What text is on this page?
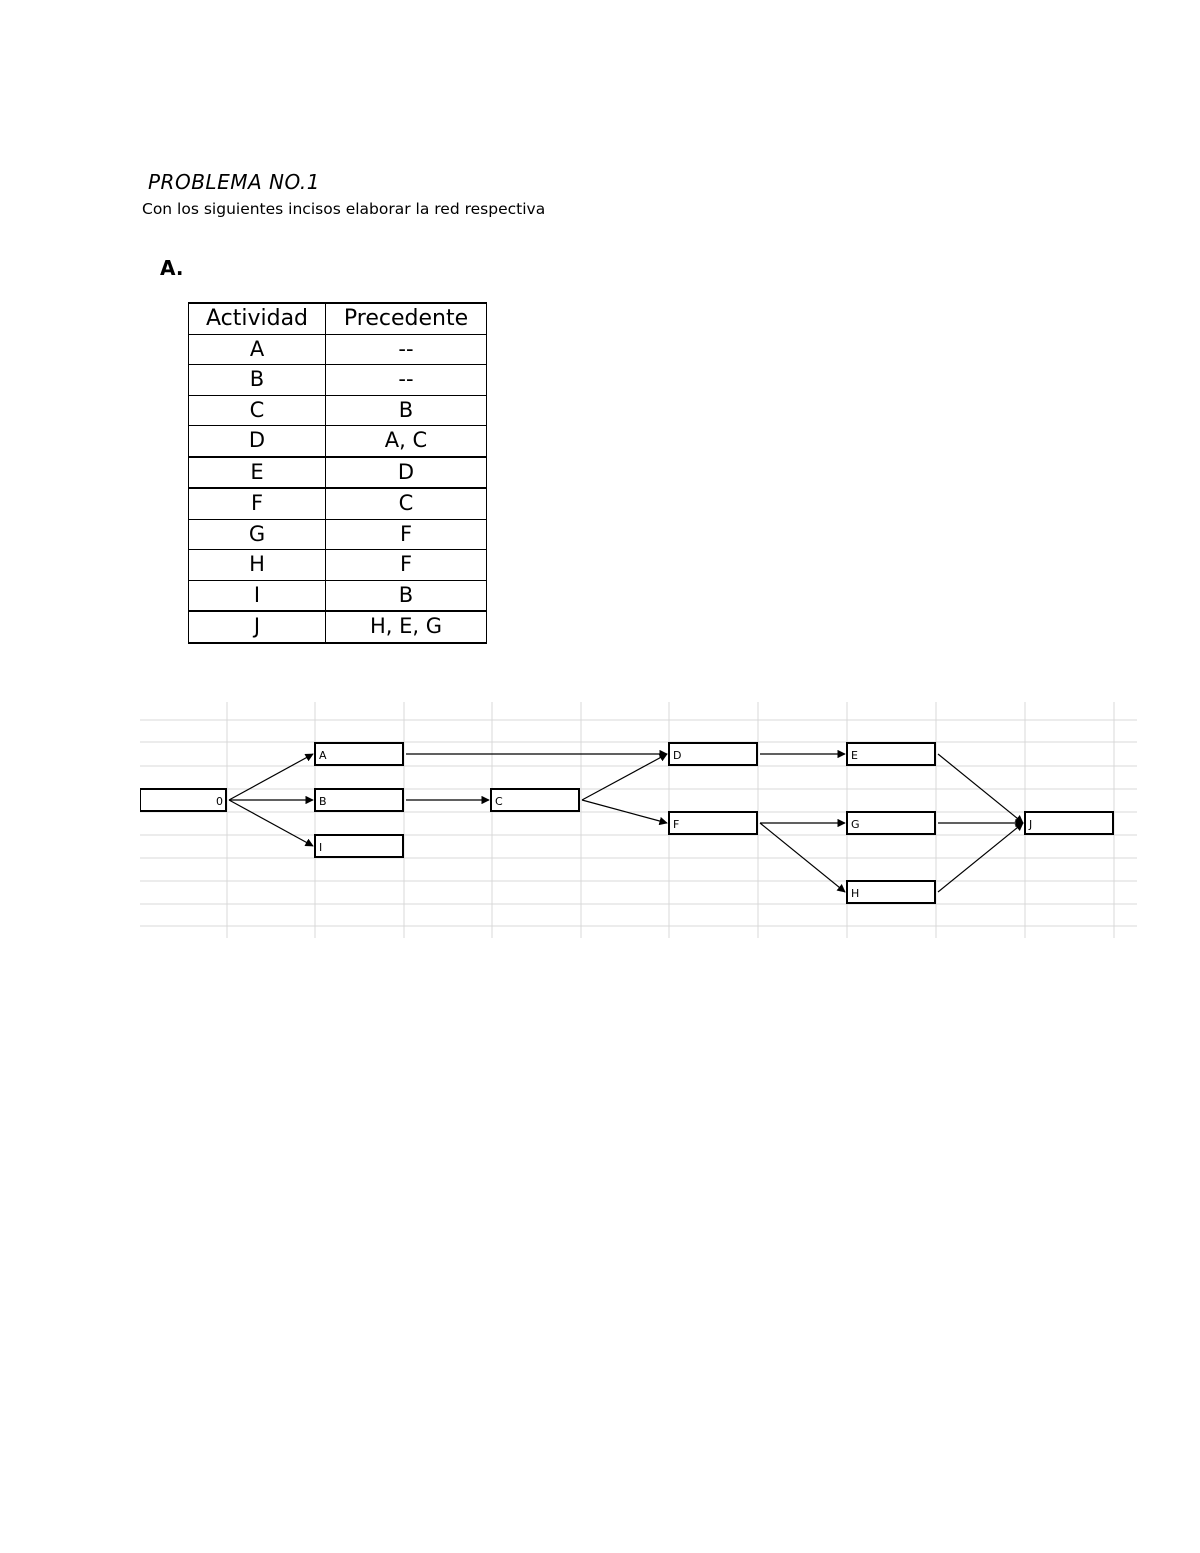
PROBLEMA NO.1
Con los siguientes incisos elaborar la red respectiva
A.
Actividad	Precedente
A	--
B	--
C	B
D	A, C
E	D
F	C
G	F
H	F
I	B
J	H, E, G
0
A
B
I
C
D
F
E
G
H
J
